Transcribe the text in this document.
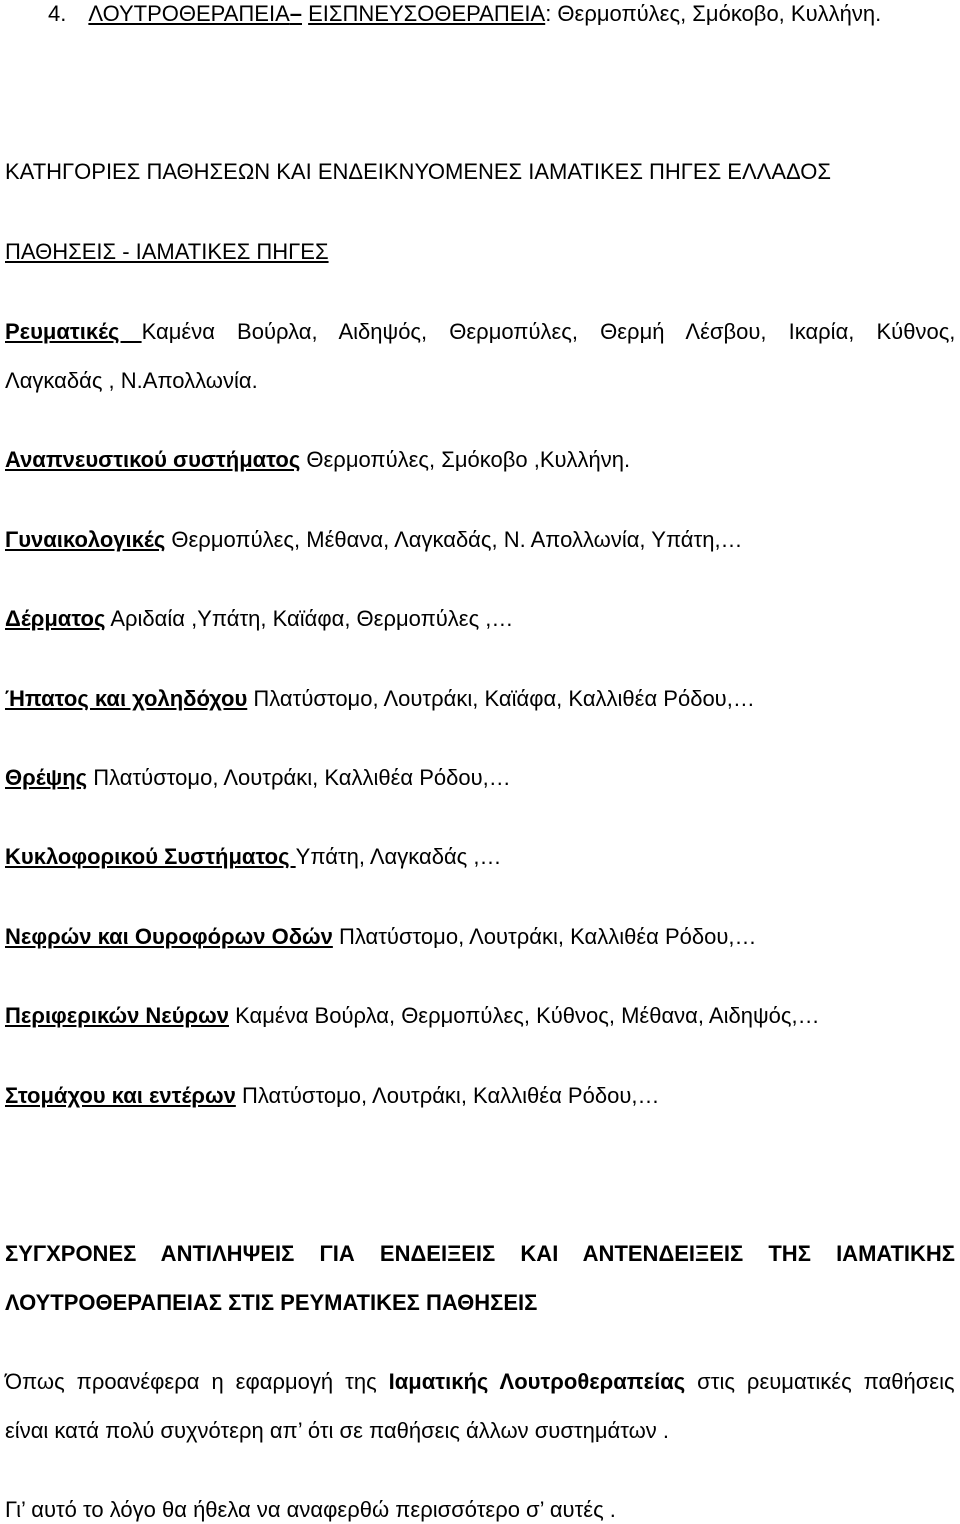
4. ΛΟΥΤΡΟΘΕΡΑΠΕΙΑ– ΕΙΣΠΝΕΥΣΟΘΕΡΑΠΕΙΑ: Θερμοπύλες, Σμόκοβο, Κυλλήνη.
ΚΑΤΗΓΟΡΙΕΣ ΠΑΘΗΣΕΩΝ ΚΑΙ ΕΝΔΕΙΚΝΥΟΜΕΝΕΣ ΙΑΜΑΤΙΚΕΣ ΠΗΓΕΣ ΕΛΛΑΔΟΣ
ΠΑΘΗΣΕΙΣ - ΙΑΜΑΤΙΚΕΣ ΠΗΓΕΣ
Ρευματικές Καμένα Βούρλα, Αιδηψός, Θερμοπύλες, Θερμή Λέσβου, Ικαρία, Κύθνος,
Λαγκαδάς , Ν.Απολλωνία.
Αναπνευστικού συστήματος Θερμοπύλες, Σμόκοβο ,Κυλλήνη.
Γυναικολογικές Θερμοπύλες, Μέθανα, Λαγκαδάς, Ν. Απολλωνία, Υπάτη,…
Δέρματος Αριδαία ,Υπάτη, Καϊάφα, Θερμοπύλες ,…
Ήπατος και χοληδόχου Πλατύστομο, Λουτράκι, Καϊάφα, Καλλιθέα Ρόδου,…
Θρέψης Πλατύστομο, Λουτράκι, Καλλιθέα Ρόδου,…
Κυκλοφορικού Συστήματος Υπάτη, Λαγκαδάς ,…
Νεφρών και Ουροφόρων Οδών Πλατύστομο, Λουτράκι, Καλλιθέα Ρόδου,…
Περιφερικών Νεύρων Καμένα Βούρλα, Θερμοπύλες, Κύθνος, Μέθανα, Αιδηψός,…
Στομάχου και εντέρων Πλατύστομο, Λουτράκι, Καλλιθέα Ρόδου,…
ΣΥΓΧΡΟΝΕΣ ΑΝΤΙΛΗΨΕΙΣ ΓΙΑ ΕΝΔΕΙΞΕΙΣ ΚΑΙ ΑΝΤΕΝΔΕΙΞΕΙΣ ΤΗΣ ΙΑΜΑΤΙΚΗΣ
ΛΟΥΤΡΟΘΕΡΑΠΕΙΑΣ ΣΤΙΣ ΡΕΥΜΑΤΙΚΕΣ ΠΑΘΗΣΕΙΣ
Όπως προανέφερα η εφαρμογή της Ιαματικής Λουτροθεραπείας στις ρευματικές παθήσεις
είναι κατά πολύ συχνότερη απ’ ότι σε παθήσεις άλλων συστημάτων .
Γι’ αυτό το λόγο θα ήθελα να αναφερθώ περισσότερο σ’ αυτές .
